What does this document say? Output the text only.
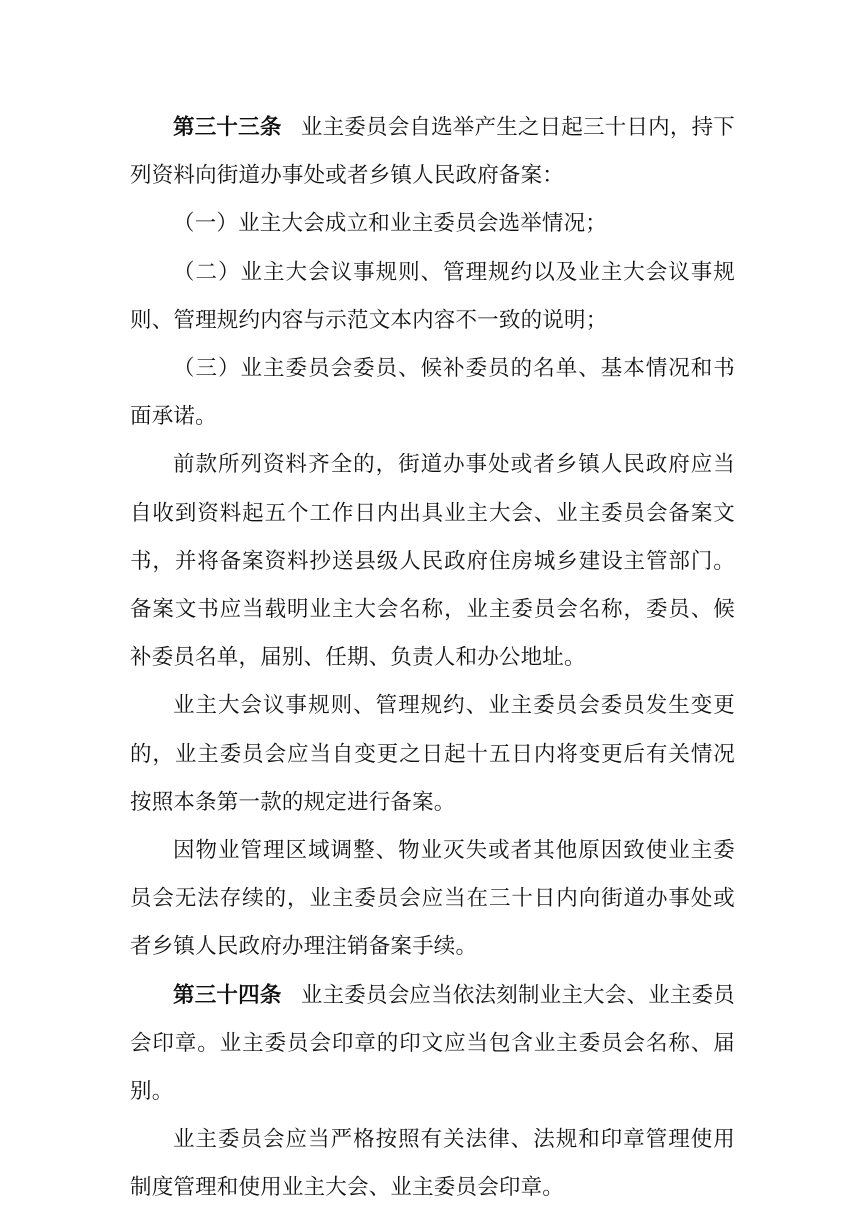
第三十三条 业主委员会自选举产生之日起三十日内，持下列资料向街道办事处或者乡镇人民政府备案：

（一）业主大会成立和业主委员会选举情况；

（二）业主大会议事规则、管理规约以及业主大会议事规则、管理规约内容与示范文本内容不一致的说明；

（三）业主委员会委员、候补委员的名单、基本情况和书面承诺。

前款所列资料齐全的，街道办事处或者乡镇人民政府应当自收到资料起五个工作日内出具业主大会、业主委员会备案文书，并将备案资料抄送县级人民政府住房城乡建设主管部门。备案文书应当载明业主大会名称，业主委员会名称，委员、候补委员名单，届别、任期、负责人和办公地址。

业主大会议事规则、管理规约、业主委员会委员发生变更的，业主委员会应当自变更之日起十五日内将变更后有关情况按照本条第一款的规定进行备案。

因物业管理区域调整、物业灭失或者其他原因致使业主委员会无法存续的，业主委员会应当在三十日内向街道办事处或者乡镇人民政府办理注销备案手续。

第三十四条 业主委员会应当依法刻制业主大会、业主委员会印章。业主委员会印章的印文应当包含业主委员会名称、届别。

业主委员会应当严格按照有关法律、法规和印章管理使用制度管理和使用业主大会、业主委员会印章。
